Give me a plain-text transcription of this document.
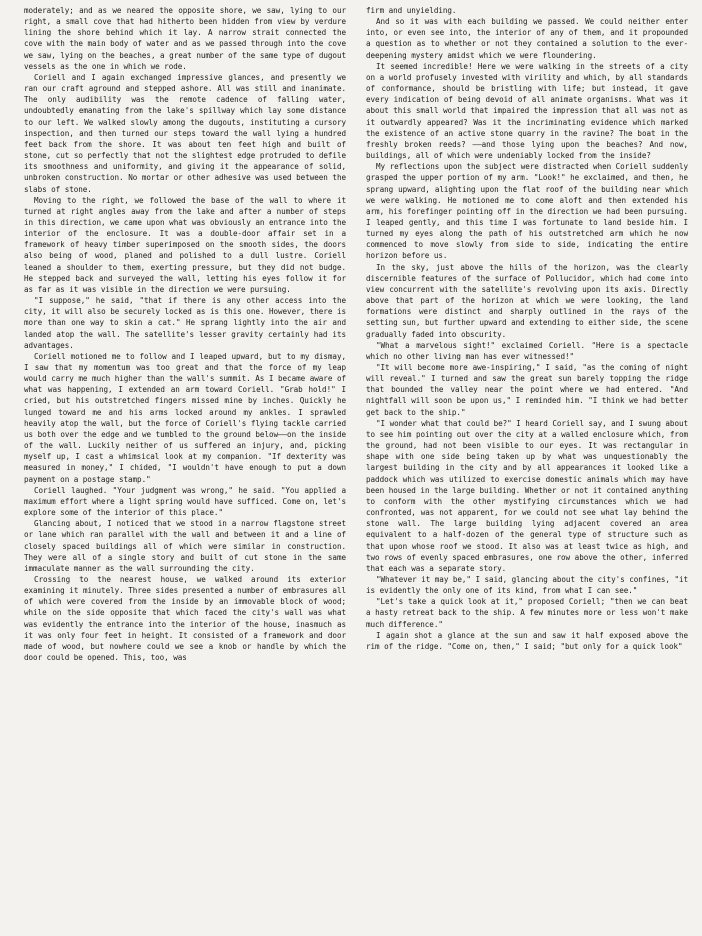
moderately; and as we neared the opposite shore, we saw, lying to our right, a small cove that had hitherto been hidden from view by verdure lining the shore behind which it lay. A narrow strait connected the cove with the main body of water and as we passed through into the cove we saw, lying on the beaches, a great number of the same type of dugout vessels as the one in which we rode.

Coriell and I again exchanged impressive glances, and presently we ran our craft aground and stepped ashore. All was still and inanimate. The only audibility was the remote cadence of falling water, undoubtedly emanating from the lake's spillway which lay some distance to our left. We walked slowly among the dugouts, instituting a cursory inspection, and then turned our steps toward the wall lying a hundred feet back from the shore. It was about ten feet high and built of stone, cut so perfectly that not the slightest edge protruded to defile its smoothness and uniformity, and giving it the appearance of solid, unbroken construction. No mortar or other adhesive was used between the slabs of stone.

Moving to the right, we followed the base of the wall to where it turned at right angles away from the lake and after a number of steps in this direction, we came upon what was obviously an entrance into the interior of the enclosure. It was a double-door affair set in a framework of heavy timber superimposed on the smooth sides, the doors also being of wood, planed and polished to a dull lustre. Coriell leaned a shoulder to them, exerting pressure, but they did not budge. He stepped back and surveyed the wall, letting his eyes follow it for as far as it was visible in the direction we were pursuing.

"I suppose," he said, "that if there is any other access into the city, it will also be securely locked as is this one. However, there is more than one way to skin a cat." He sprang lightly into the air and landed atop the wall. The satellite's lesser gravity certainly had its advantages.

Coriell motioned me to follow and I leaped upward, but to my dismay, I saw that my momentum was too great and that the force of my leap would carry me much higher than the wall's summit. As I became aware of what was happening, I extended an arm toward Coriell. "Grab hold!" I cried, but his outstretched fingers missed mine by inches. Quickly he lunged toward me and his arms locked around my ankles. I sprawled heavily atop the wall, but the force of Coriell's flying tackle carried us both over the edge and we tumbled to the ground below——on the inside of the wall. Luckily neither of us suffered an injury, and, picking myself up, I cast a whimsical look at my companion. "If dexterity was measured in money," I chided, "I wouldn't have enough to put a down payment on a postage stamp."

Coriell laughed. "Your judgment was wrong," he said. "You applied a maximum effort where a light spring would have sufficed. Come on, let's explore some of the interior of this place."

Glancing about, I noticed that we stood in a narrow flagstone street or lane which ran parallel with the wall and between it and a line of closely spaced buildings all of which were similar in construction. They were all of a single story and built of cut stone in the same immaculate manner as the wall surrounding the city.

Crossing to the nearest house, we walked around its exterior examining it minutely. Three sides presented a number of embrasures all of which were covered from the inside by an immovable block of wood; while on the side opposite that which faced the city's wall was what was evidently the entrance into the interior of the house, inasmuch as it was only four feet in height. It consisted of a framework and door made of wood, but nowhere could we see a knob or handle by which the door could be opened. This, too, was

firm and unyielding.

And so it was with each building we passed. We could neither enter into, or even see into, the interior of any of them, and it propounded a question as to whether or not they contained a solution to the ever-deepening mystery amidst which we were floundering.

It seemed incredible! Here we were walking in the streets of a city on a world profusely invested with virility and which, by all standards of conformance, should be bristling with life; but instead, it gave every indication of being devoid of all animate organisms. What was it about this small world that impaired the impression that all was not as it outwardly appeared? Was it the incriminating evidence which marked the existence of an active stone quarry in the ravine? The boat in the freshly broken reeds? ——and those lying upon the beaches? And now, buildings, all of which were undeniably locked from the inside?

My reflections upon the subject were distracted when Coriell suddenly grasped the upper portion of my arm. "Look!" he exclaimed, and then, he sprang upward, alighting upon the flat roof of the building near which we were walking. He motioned me to come aloft and then extended his arm, his forefinger pointing off in the direction we had been pursuing. I leaped gently, and this time I was fortunate to land beside him. I turned my eyes along the path of his outstretched arm which he now commenced to move slowly from side to side, indicating the entire horizon before us.

In the sky, just above the hills of the horizon, was the clearly discernible features of the surface of Pollucidor, which had come into view concurrent with the satellite's revolving upon its axis. Directly above that part of the horizon at which we were looking, the land formations were distinct and sharply outlined in the rays of the setting sun, but further upward and extending to either side, the scene gradually faded into obscurity.

"What a marvelous sight!" exclaimed Coriell. "Here is a spectacle which no other living man has ever witnessed!"

"It will become more awe-inspiring," I said, "as the coming of night will reveal." I turned and saw the great sun barely topping the ridge that bounded the valley near the point where we had entered. "And nightfall will soon be upon us," I reminded him. "I think we had better get back to the ship."

"I wonder what that could be?" I heard Coriell say, and I swung about to see him pointing out over the city at a walled enclosure which, from the ground, had not been visible to our eyes. It was rectangular in shape with one side being taken up by what was unquestionably the largest building in the city and by all appearances it looked like a paddock which was utilized to exercise domestic animals which may have been housed in the large building. Whether or not it contained anything to conform with the other mystifying circumstances which we had confronted, was not apparent, for we could not see what lay behind the stone wall. The large building lying adjacent covered an area equivalent to a half-dozen of the general type of structure such as that upon whose roof we stood. It also was at least twice as high, and two rows of evenly spaced embrasures, one row above the other, inferred that each was a separate story.

"Whatever it may be," I said, glancing about the city's confines, "it is evidently the only one of its kind, from what I can see."

"Let's take a quick look at it," proposed Coriell; "then we can beat a hasty retreat back to the ship. A few minutes more or less won't make much difference."

I again shot a glance at the sun and saw it half exposed above the rim of the ridge. "Come on, then," I said; "but only for a quick look"
